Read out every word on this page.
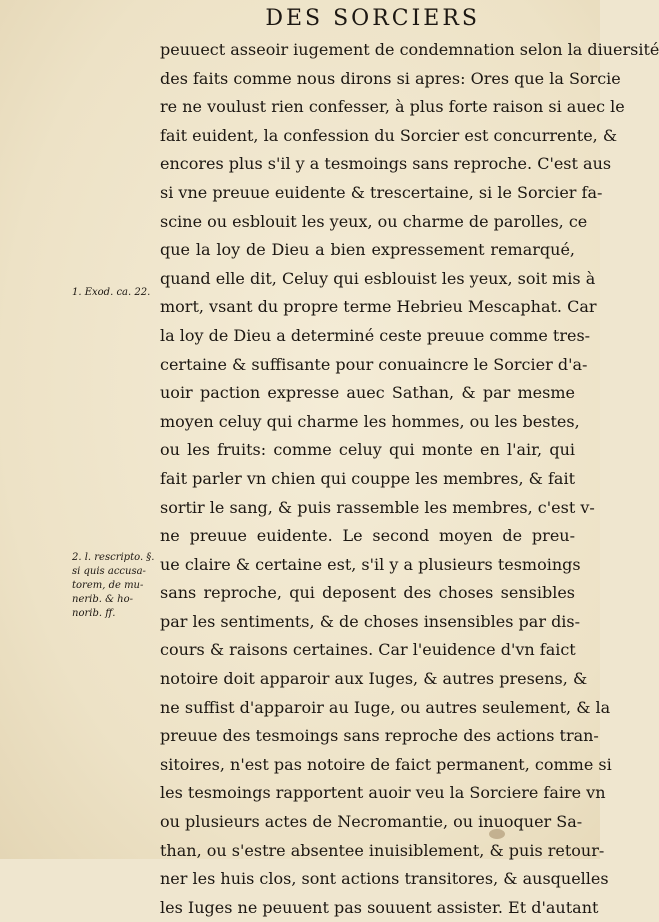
DES SORCIERS
peuuect asseoir iugement de condemnation selon la diuersité
des faits comme nous dirons si apres: Ores que la Sorcie
re ne voulust rien confesser, à plus forte raison si auec le
fait euident, la confession du Sorcier est concurrente, &
encores plus s'il y a tesmoings sans reproche. C'est aus
si vne preuue euidente & trescertaine, si le Sorcier fa-
scine ou esblouit les yeux, ou charme de parolles, ce
que la loy de Dieu a bien expressement remarqué,
quand elle dit, Celuy qui esblouist les yeux, soit mis à
mort, vsant du propre terme Hebrieu Mescaphat. Car
la loy de Dieu a determiné ceste preuue comme tres-
certaine & suffisante pour conuaincre le Sorcier d'a-
uoir paction expresse auec Sathan, & par mesme
moyen celuy qui charme les hommes, ou les bestes,
ou les fruits: comme celuy qui monte en l'air, qui
fait parler vn chien qui couppe les membres, & fait
sortir le sang, & puis rassemble les membres, c'est v-
ne preuue euidente. Le second moyen de preu-
ue claire & certaine est, s'il y a plusieurs tesmoings
sans reproche, qui deposent des choses sensibles
par les sentiments, & de choses insensibles par dis-
cours & raisons certaines. Car l'euidence d'vn faict
notoire doit apparoir aux Iuges, & autres presens, &
ne suffist d'apparoir au Iuge, ou autres seulement, & la
preuue des tesmoings sans reproche des actions tran-
sitoires, n'est pas notoire de faict permanent, comme si
les tesmoings rapportent auoir veu la Sorciere faire vn
ou plusieurs actes de Necromantie, ou inuoquer Sa-
than, ou s'estre absentee inuisiblement, & puis retour-
ner les huis clos, sont actions transitores, & ausquelles
les Iuges ne peuuent pas souuent assister. Et d'autant
1. Exod. ca. 22.
2. l. rescripto. §.
si quis accusa-
torem, de mu-
nerib. & ho-
norib. ff.
